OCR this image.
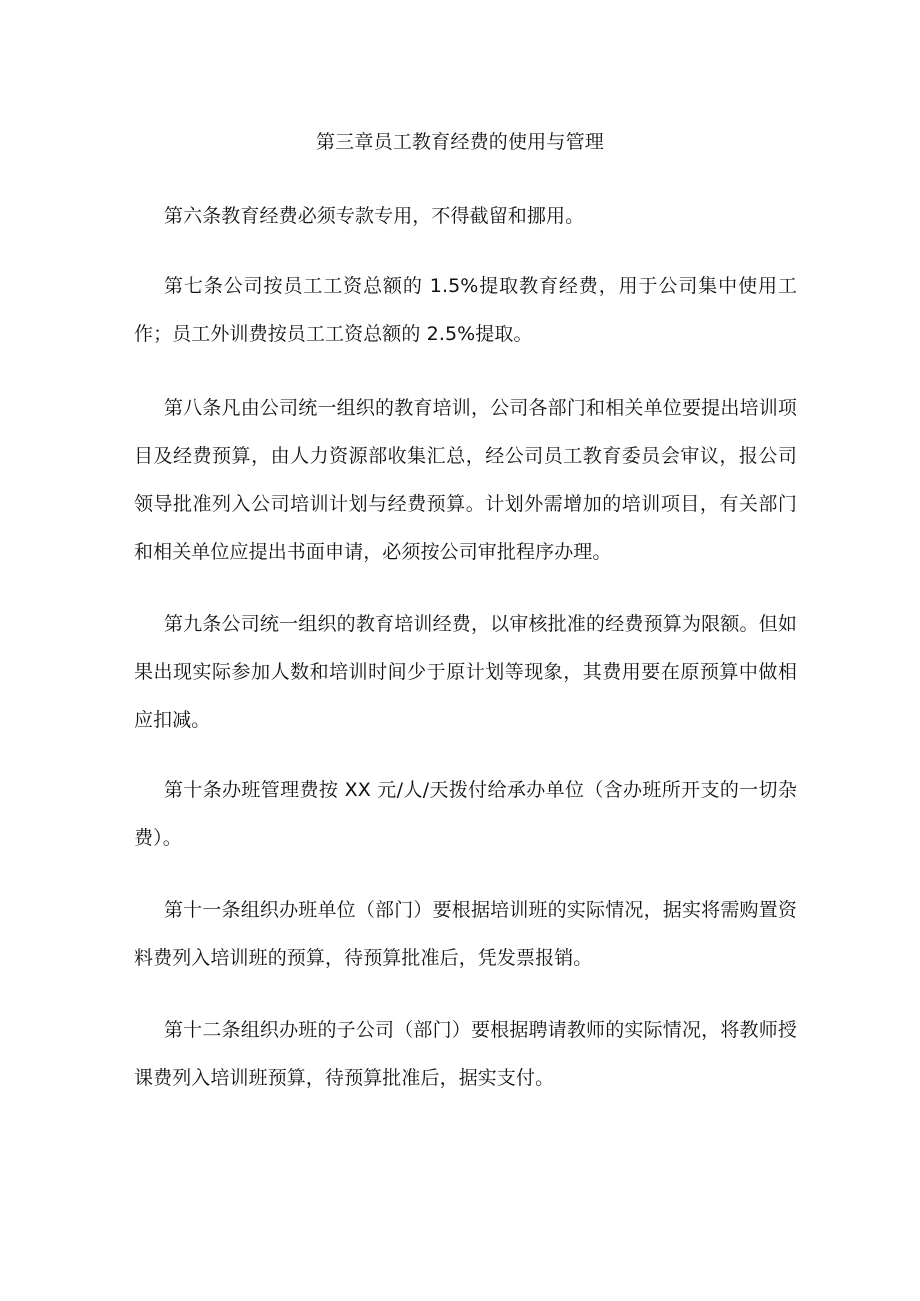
第三章员工教育经费的使用与管理

第六条教育经费必须专款专用，不得截留和挪用。

第七条公司按员工工资总额的 1.5%提取教育经费，用于公司集中使用工作；员工外训费按员工工资总额的 2.5%提取。

第八条凡由公司统一组织的教育培训，公司各部门和相关单位要提出培训项目及经费预算，由人力资源部收集汇总，经公司员工教育委员会审议，报公司领导批准列入公司培训计划与经费预算。计划外需增加的培训项目，有关部门和相关单位应提出书面申请，必须按公司审批程序办理。

第九条公司统一组织的教育培训经费，以审核批准的经费预算为限额。但如果出现实际参加人数和培训时间少于原计划等现象，其费用要在原预算中做相应扣减。

第十条办班管理费按 XX 元/人/天拨付给承办单位（含办班所开支的一切杂费）。

第十一条组织办班单位（部门）要根据培训班的实际情况，据实将需购置资料费列入培训班的预算，待预算批准后，凭发票报销。

第十二条组织办班的子公司（部门）要根据聘请教师的实际情况，将教师授课费列入培训班预算，待预算批准后，据实支付。
